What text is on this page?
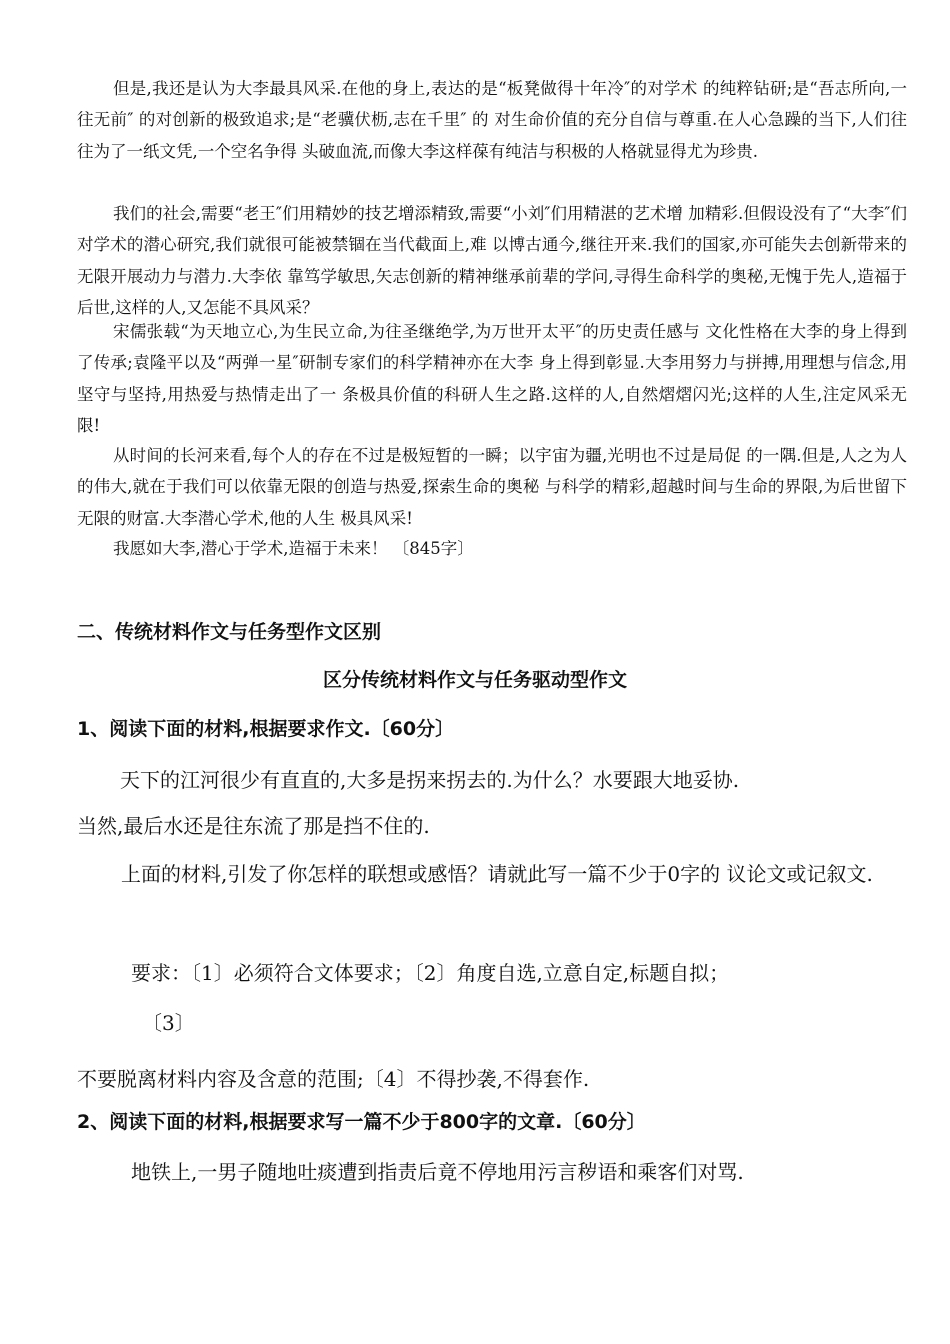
但是,我还是认为大李最具风采.在他的身上,表达的是“板凳做得十年冷″的对学术 的纯粹钻研;是“吾志所向,一往无前″ 的对创新的极致追求;是“老骥伏枥,志在千里″ 的 对生命价值的充分自信与尊重.在人心急躁的当下,人们往往为了一纸文凭,一个空名争得 头破血流,而像大李这样葆有纯洁与积极的人格就显得尤为珍贵.

我们的社会,需要“老王″们用精妙的技艺增添精致,需要“小刘″们用精湛的艺术增 加精彩.但假设没有了“大李″们对学术的潜心研究,我们就很可能被禁锢在当代截面上,难 以博古通今,继往开来.我们的国家,亦可能失去创新带来的无限开展动力与潜力.大李依 靠笃学敏思,矢志创新的精神继承前辈的学问,寻得生命科学的奥秘,无愧于先人,造福于 后世,这样的人,又怎能不具风采？

宋儒张载“为天地立心,为生民立命,为往圣继绝学,为万世开太平″的历史责任感与 文化性格在大李的身上得到了传承;袁隆平以及“两弹一星″研制专家们的科学精神亦在大李 身上得到彰显.大李用努力与拼搏,用理想与信念,用坚守与坚持,用热爱与热情走出了一 条极具价值的科研人生之路.这样的人,自然熠熠闪光;这样的人生,注定风采无限!

从时间的长河来看,每个人的存在不过是极短暂的一瞬；以宇宙为疆,光明也不过是局促 的一隅.但是,人之为人的伟大,就在于我们可以依靠无限的创造与热爱,探索生命的奥秘 与科学的精彩,超越时间与生命的界限,为后世留下无限的财富.大李潜心学术,他的人生 极具风采!

我愿如大李,潜心于学术,造福于未来！ 〔845字〕

二、传统材料作文与任务型作文区别
区分传统材料作文与任务驱动型作文
1、阅读下面的材料,根据要求作文.〔60分〕

天下的江河很少有直直的,大多是拐来拐去的.为什么？水要跟大地妥协.

当然,最后水还是往东流了那是挡不住的.

上面的材料,引发了你怎样的联想或感悟？请就此写一篇不少于0字的 议论文或记叙文.

要求：〔1〕必须符合文体要求；〔2〕角度自选,立意自定,标题自拟；

〔3〕

不要脱离材料内容及含意的范围;〔4〕不得抄袭,不得套作.

2、阅读下面的材料,根据要求写一篇不少于800字的文章.〔60分〕

地铁上,一男子随地吐痰遭到指责后竟不停地用污言秽语和乘客们对骂.
